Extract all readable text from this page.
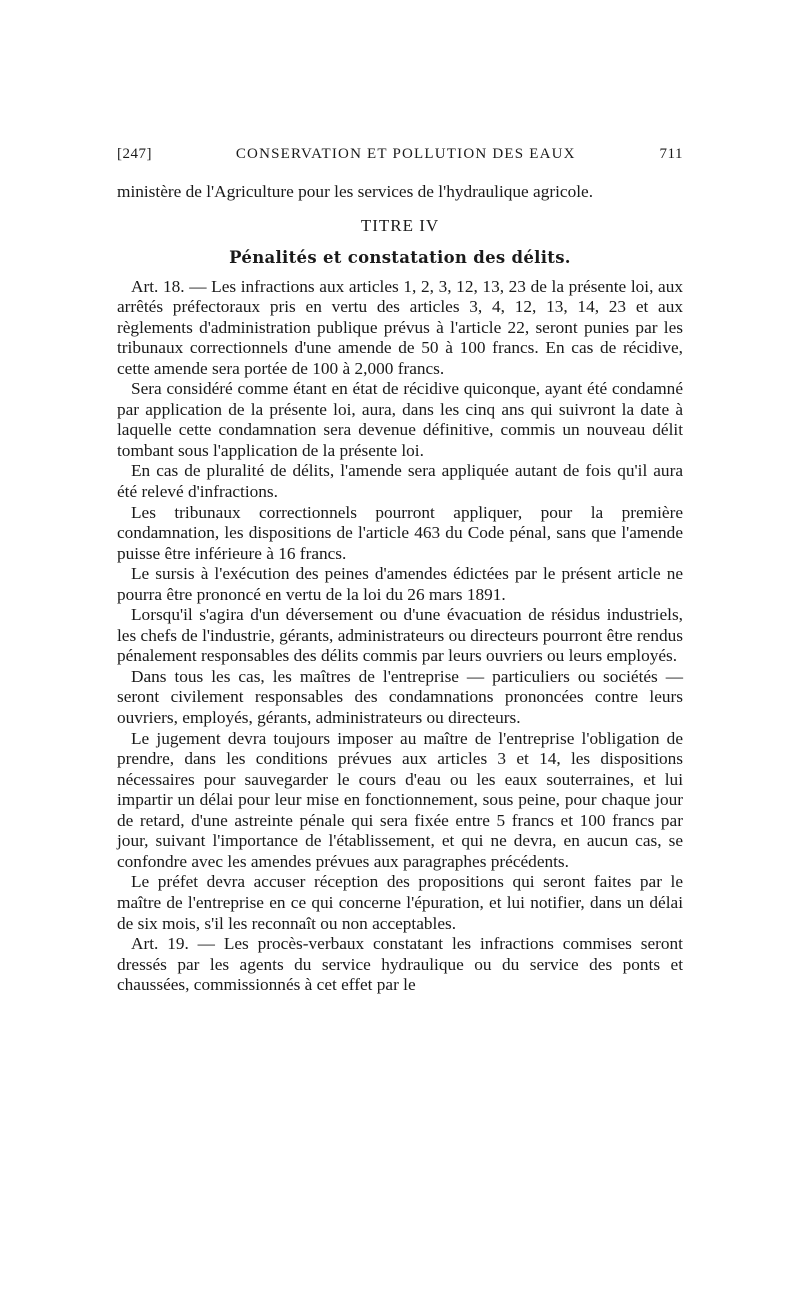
[247]	CONSERVATION ET POLLUTION DES EAUX	711

ministère de l'Agriculture pour les services de l'hydraulique agricole.

TITRE IV
Pénalités et constatation des délits.

Art. 18. — Les infractions aux articles 1, 2, 3, 12, 13, 23 de la présente loi, aux arrêtés préfectoraux pris en vertu des articles 3, 4, 12, 13, 14, 23 et aux règlements d'administration publique prévus à l'article 22, seront punies par les tribunaux correctionnels d'une amende de 50 à 100 francs. En cas de récidive, cette amende sera portée de 100 à 2,000 francs.

Sera considéré comme étant en état de récidive quiconque, ayant été condamné par application de la présente loi, aura, dans les cinq ans qui suivront la date à laquelle cette condamnation sera devenue définitive, commis un nouveau délit tombant sous l'application de la présente loi.

En cas de pluralité de délits, l'amende sera appliquée autant de fois qu'il aura été relevé d'infractions.

Les tribunaux correctionnels pourront appliquer, pour la première condamnation, les dispositions de l'article 463 du Code pénal, sans que l'amende puisse être inférieure à 16 francs.

Le sursis à l'exécution des peines d'amendes édictées par le présent article ne pourra être prononcé en vertu de la loi du 26 mars 1891.

Lorsqu'il s'agira d'un déversement ou d'une évacuation de résidus industriels, les chefs de l'industrie, gérants, administrateurs ou directeurs pourront être rendus pénalement responsables des délits commis par leurs ouvriers ou leurs employés.

Dans tous les cas, les maîtres de l'entreprise — particuliers ou sociétés — seront civilement responsables des condamnations prononcées contre leurs ouvriers, employés, gérants, administrateurs ou directeurs.

Le jugement devra toujours imposer au maître de l'entreprise l'obligation de prendre, dans les conditions prévues aux articles 3 et 14, les dispositions nécessaires pour sauvegarder le cours d'eau ou les eaux souterraines, et lui impartir un délai pour leur mise en fonctionnement, sous peine, pour chaque jour de retard, d'une astreinte pénale qui sera fixée entre 5 francs et 100 francs par jour, suivant l'importance de l'établissement, et qui ne devra, en aucun cas, se confondre avec les amendes prévues aux paragraphes précédents.

Le préfet devra accuser réception des propositions qui seront faites par le maître de l'entreprise en ce qui concerne l'épuration, et lui notifier, dans un délai de six mois, s'il les reconnaît ou non acceptables.

Art. 19. — Les procès-verbaux constatant les infractions commises seront dressés par les agents du service hydraulique ou du service des ponts et chaussées, commissionnés à cet effet par le
